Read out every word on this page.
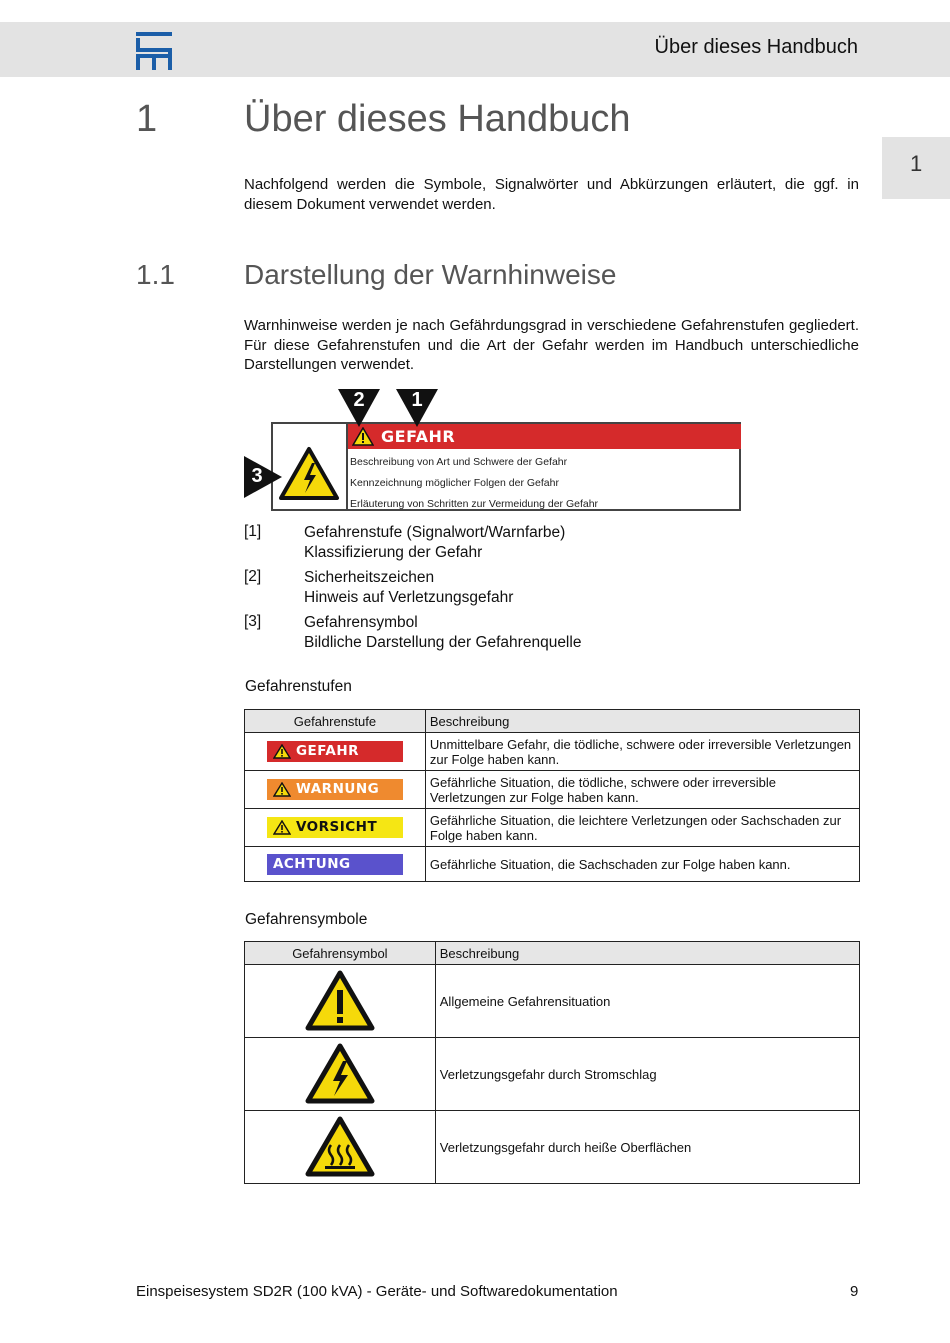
Über dieses Handbuch
1
1 Über dieses Handbuch
Nachfolgend werden die Symbole, Signalwörter und Abkürzungen erläutert, die ggf. in diesem Dokument verwendet werden.
1.1 Darstellung der Warnhinweise
Warnhinweise werden je nach Gefährdungsgrad in verschiedene Gefahrenstufen gegliedert. Für diese Gefahrenstufen und die Art der Gefahr werden im Handbuch unterschiedliche Darstellungen verwendet.
GEFAHR
Beschreibung von Art und Schwere der Gefahr
Kennzeichnung möglicher Folgen der Gefahr
Erläuterung von Schritten zur Vermeidung der Gefahr
2	1
3
[1]	Gefahrenstufe (Signalwort/Warnfarbe)
Klassifizierung der Gefahr
[2]	Sicherheitszeichen
Hinweis auf Verletzungsgefahr
[3]	Gefahrensymbol
Bildliche Darstellung der Gefahrenquelle
Gefahrenstufen
Gefahrenstufe	Beschreibung

GEFAHR	Unmittelbare Gefahr, die tödliche, schwere oder irreversible Verletzungen zur Folge haben kann.

WARNUNG	Gefährliche Situation, die tödliche, schwere oder irreversible Verletzungen zur Folge haben kann.

VORSICHT	Gefährliche Situation, die leichtere Verletzungen oder Sachschaden zur Folge haben kann.

ACHTUNG	Gefährliche Situation, die Sachschaden zur Folge haben kann.
Gefahrensymbole
Gefahrensymbol	Beschreibung
	Allgemeine Gefahrensituation
	Verletzungsgefahr durch Stromschlag
	Verletzungsgefahr durch heiße Oberflächen
Einspeisesystem SD2R (100 kVA) - Geräte- und Softwaredokumentation	9
